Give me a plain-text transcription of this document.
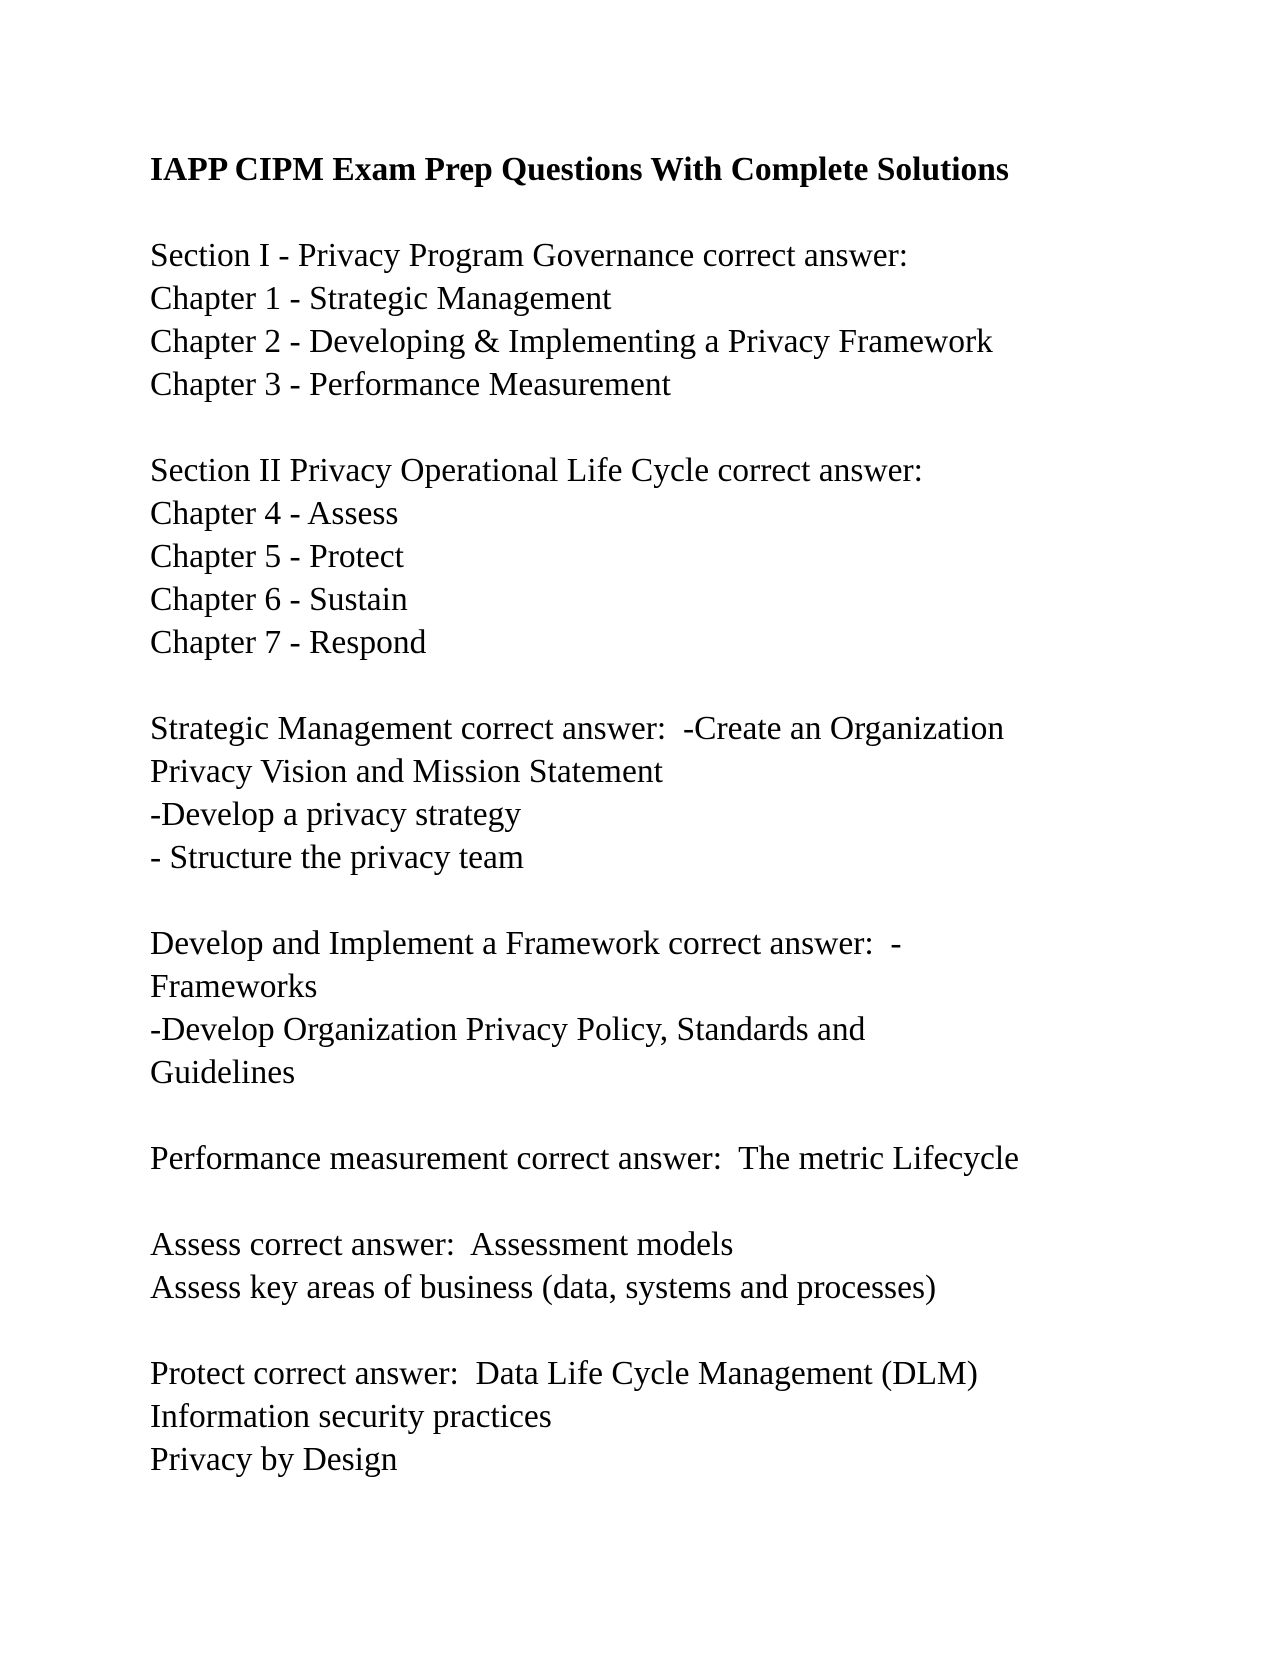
IAPP CIPM Exam Prep Questions With Complete Solutions
Section I - Privacy Program Governance correct answer:
Chapter 1 - Strategic Management
Chapter 2 - Developing & Implementing a Privacy Framework
Chapter 3 - Performance Measurement
Section II Privacy Operational Life Cycle correct answer:
Chapter 4 - Assess
Chapter 5 - Protect
Chapter 6 - Sustain
Chapter 7 - Respond
Strategic Management correct answer:  -Create an Organization
Privacy Vision and Mission Statement
-Develop a privacy strategy
- Structure the privacy team
Develop and Implement a Framework correct answer:  -
Frameworks
-Develop Organization Privacy Policy, Standards and
Guidelines
Performance measurement correct answer:  The metric Lifecycle
Assess correct answer:  Assessment models
Assess key areas of business (data, systems and processes)
Protect correct answer:  Data Life Cycle Management (DLM)
Information security practices
Privacy by Design
